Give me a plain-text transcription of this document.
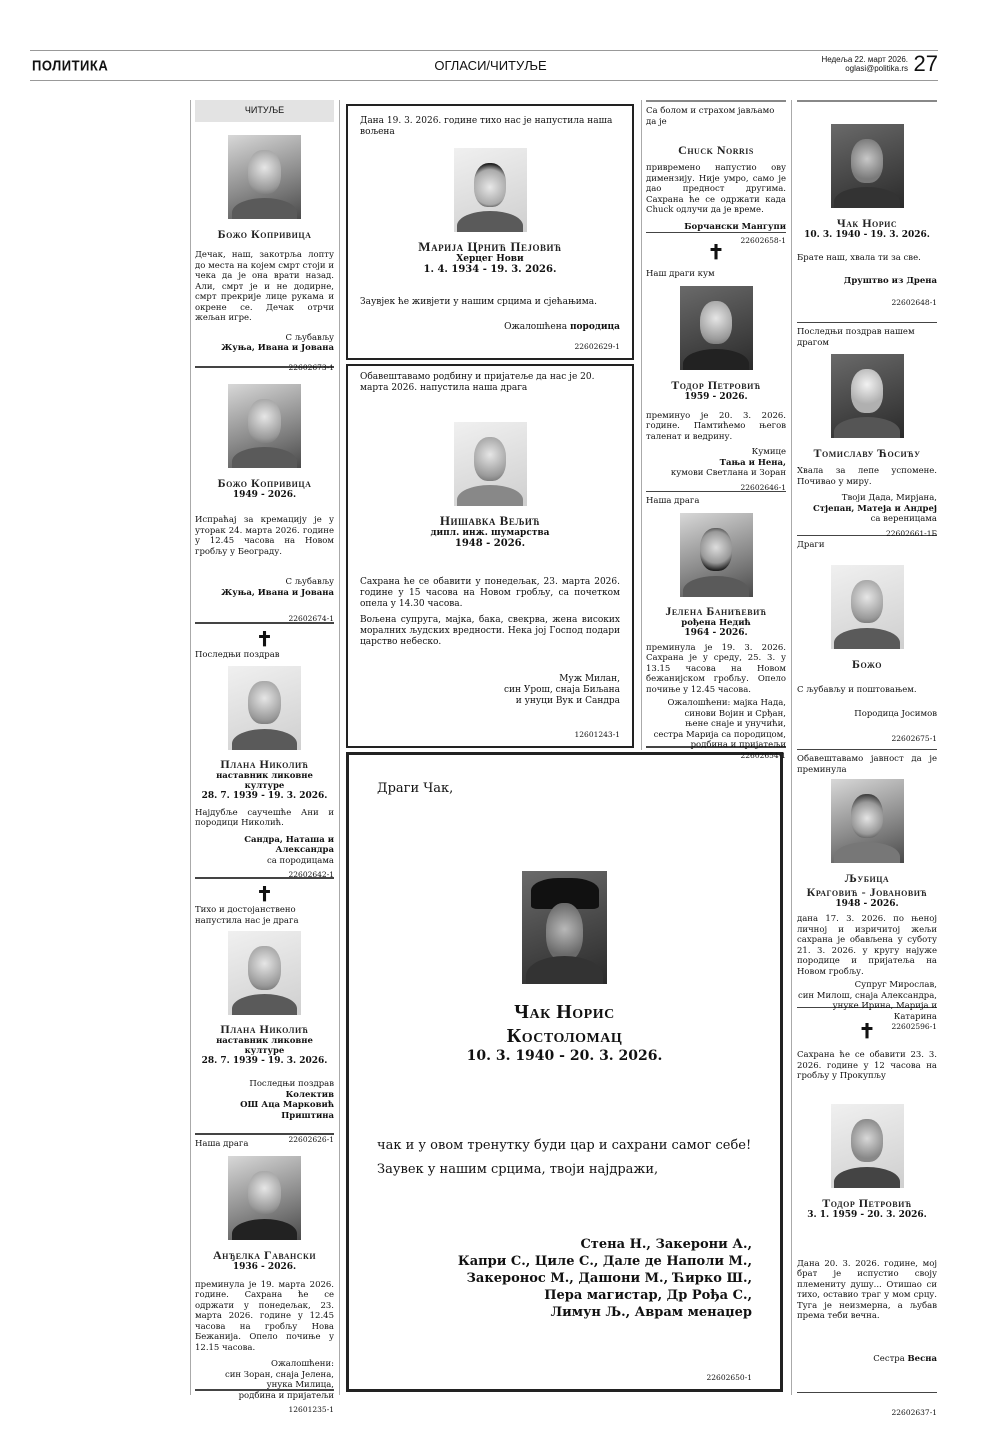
ПОЛИТИКА	ОГЛАСИ/ЧИТУЉЕ	Недеља 22. март 2026.
oglasi@politika.rs 27
ЧИТУЉЕ
Божо Копривица

Дечак, наш, закотрља лопту до места на којем смрт стоји и чека да је она врати назад. Али, смрт је и не додирне, смрт прекрије лице рукама и окрене се. Дечак отрчи жељан игре.

С љубављу

Жуња, Ивана и Јована

22602673-1
Божо Копривица
1949 - 2026.

Испраћај за кремацију је у уторак 24. марта 2026. године у 12.45 часова на Новом гробљу у Београду.

С љубављу

Жуња, Ивана и Јована

22602674-1
✝

Последњи поздрав

Плана Николић
наставник ликовне културе
28. 7. 1939 - 19. 3. 2026.

Најдубље саучешће Ани и породици Николић.

Сандра, Наташа и Александра

са породицама

22602642-1
✝

Тихо и достојанствено напустила нас је драга

Плана Николић
наставник ликовне културе
28. 7. 1939 - 19. 3. 2026.

Последњи поздрав

Колектив

ОШ Аца Марковић Приштина

22602626-1

Наша драга

Анђелка Гавански
1936 - 2026.

преминула је 19. марта 2026. године. Сахрана ће се одржати у понедељак, 23. марта 2026. године у 12.45 часова на гробљу Нова Бежанија. Опело почиње у 12.15 часова.

Ожалошћени:

син Зоран, снаја Јелена,

унука Милица,

родбина и пријатељи

12601235-1

Дана 19. 3. 2026. године тихо нас је напустила наша вољена

Марија Црнић Пејовић
Херцег Нови
1. 4. 1934 - 19. 3. 2026.

Заувјек ће живјети у нашим срцима и сјећањима.

Ожалошћена породица

22602629-1

Обавештавамо родбину и пријатеље да нас је 20. марта 2026. напустила наша драга

Нишавка Вељић
дипл. инж. шумарства
1948 - 2026.

Сахрана ће се обавити у понедељак, 23. марта 2026. године у 15 часова на Новом гробљу, са почетком опела у 14.30 часова.

Вољена супруга, мајка, бака, свекрва, жена високих моралних људских вредности. Нека јој Господ подари царство небеско.

Муж Милан,

син Урош, снаја Биљана

и унуци Вук и Сандра

12601243-1

Драги Чак,

Чак Норис
Костоломац
10. 3. 1940 - 20. 3. 2026.

чак и у овом тренутку буди цар и сахрани самог себе!

Заувек у нашим срцима, твоји најдражи,

Стена Н., Закерони А.,
Капри С., Циле С., Дале де Наполи М.,
Закеронос М., Дашони М., Ћирко Ш.,
Пера магистар, Др Рођа С.,
Лимун Љ., Аврам менаџер
22602650-1

Са болом и страхом јављамо да је

Chuck Norris

привремено напустио ову димензију. Није умро, само је дао предност другима. Сахрана ће се одржати када Chuck одлучи да је време.

Борчански Мангупи

22602658-1
✝

Наш драги кум

Тодор Петровић
1959 - 2026.

преминуо је 20. 3. 2026. године. Памтићемо његов таленат и ведрину.

Кумице

Тања и Нена,

кумови Светлана и Зоран

22602646-1

Наша драга

Јелена Банићевић
рођена Недић
1964 - 2026.

преминула је 19. 3. 2026. Сахрана је у среду, 25. 3. у 13.15 часова на Новом бежанијском гробљу. Опело почиње у 12.45 часова.

Ожалошћени: мајка Нада,

синови Војин и Срђан,

њене снаје и унучићи,

сестра Марија са породицом,

родбина и пријатељи

22602654-1
Чак Норис
10. 3. 1940 - 19. 3. 2026.

Брате наш, хвала ти за све.

Друштво из Дрена

22602648-1

Последњи поздрав нашем драгом

Томиславу Ћосићу

Хвала за лепе успомене. Почивао у миру.

Твоји Дада, Мирјана,

Стјепан, Матеја и Андреј

са вереницама

22602661-1Б

Драги

Божо

С љубављу и поштовањем.

Породица Јосимов

22602675-1

Обавештавамо јавност да је преминула

Љубица
Краговић - Јовановић
1948 - 2026.

дана 17. 3. 2026. по њеној личној и изричитој жељи сахрана је обављена у суботу 21. 3. 2026. у кругу најуже породице и пријатеља на Новом гробљу.

Супруг Мирослав,

син Милош, снаја Александра,

унуке Ирина, Марија и Катарина

22602596-1
✝

Сахрана ће се обавити 23. 3. 2026. године у 12 часова на гробљу у Прокупљу

Тодор Петровић
3. 1. 1959 - 20. 3. 2026.

Дана 20. 3. 2026. године, мој брат је испустио своју племениту душу... Отишао си тихо, оставио траг у мом срцу. Туга је неизмерна, а љубав према теби вечна.

Сестра Весна

22602637-1
